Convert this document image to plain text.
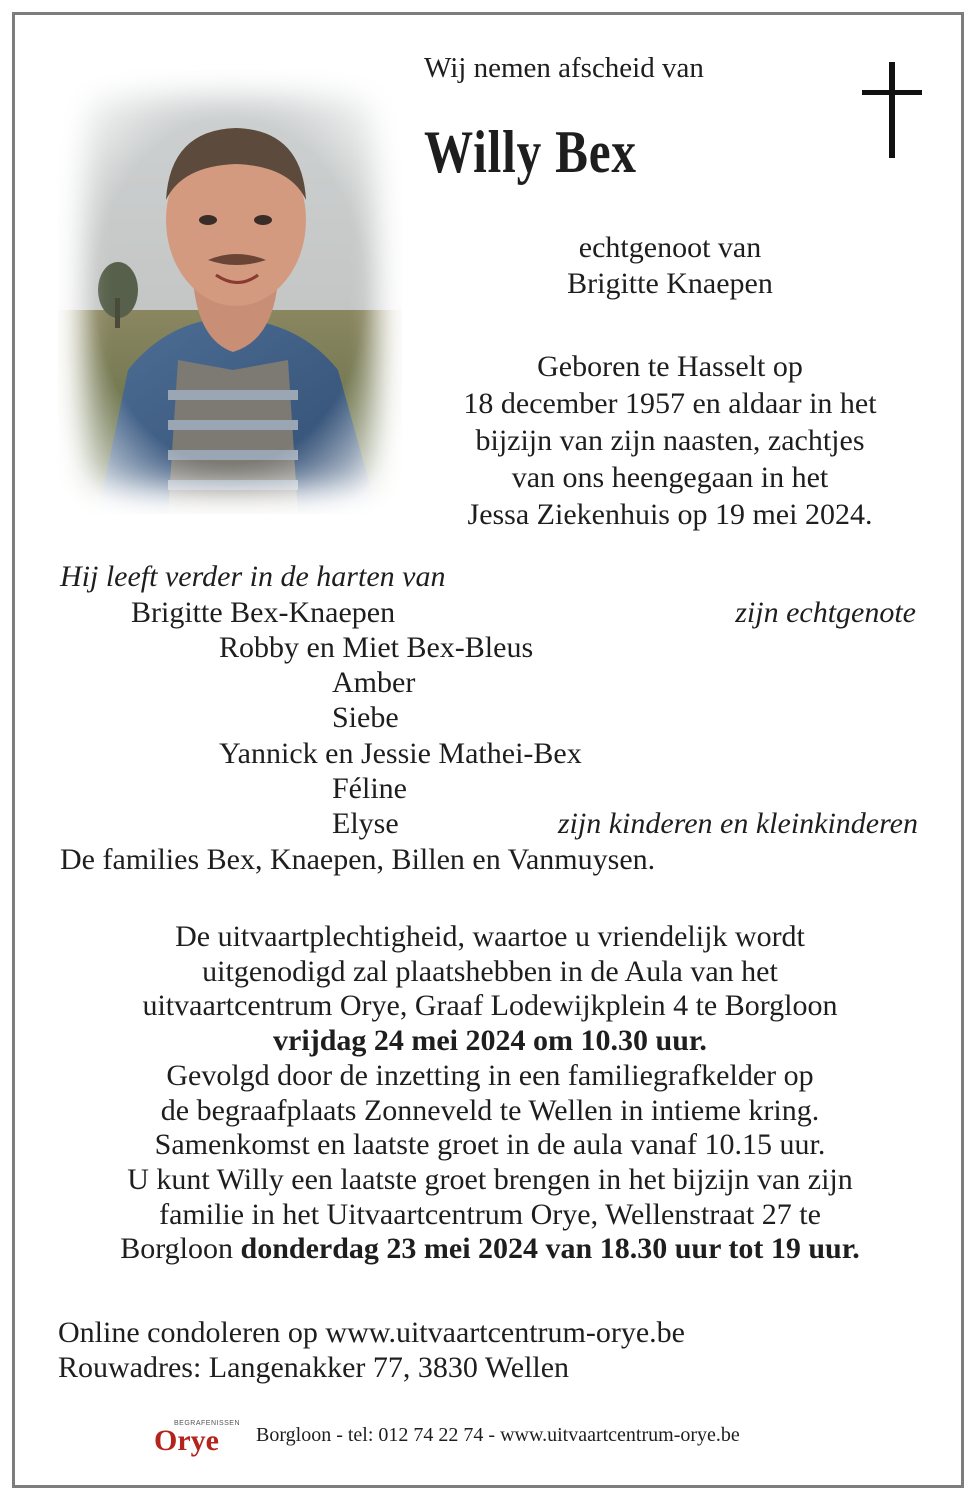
Wij nemen afscheid van
Willy Bex
echtgenoot van
Brigitte Knaepen
Geboren te Hasselt op
18 december 1957 en aldaar in het
bijzijn van zijn naasten, zachtjes
van ons heengegaan in het
Jessa Ziekenhuis op 19 mei 2024.
Hij leeft verder in de harten van
Brigitte Bex-Knaepen	zijn echtgenote
Robby en Miet Bex-Bleus
Amber
Siebe
Yannick en Jessie Mathei-Bex
Féline
Elyse	zijn kinderen en kleinkinderen
De families Bex, Knaepen, Billen en Vanmuysen.
De uitvaartplechtigheid, waartoe u vriendelijk wordt
uitgenodigd zal plaatshebben in de Aula van het
uitvaartcentrum Orye, Graaf Lodewijkplein 4 te Borgloon
vrijdag 24 mei 2024 om 10.30 uur.
Gevolgd door de inzetting in een familiegrafkelder op
de begraafplaats Zonneveld te Wellen in intieme kring.
Samenkomst en laatste groet in de aula vanaf 10.15 uur.
U kunt Willy een laatste groet brengen in het bijzijn van zijn
familie in het Uitvaartcentrum Orye, Wellenstraat 27 te
Borgloon donderdag 23 mei 2024 van 18.30 uur tot 19 uur.
Online condoleren op www.uitvaartcentrum-orye.be
Rouwadres: Langenakker 77, 3830 Wellen
BEGRAFENISSEN
Orye Borgloon - tel: 012 74 22 74 - www.uitvaartcentrum-orye.be
